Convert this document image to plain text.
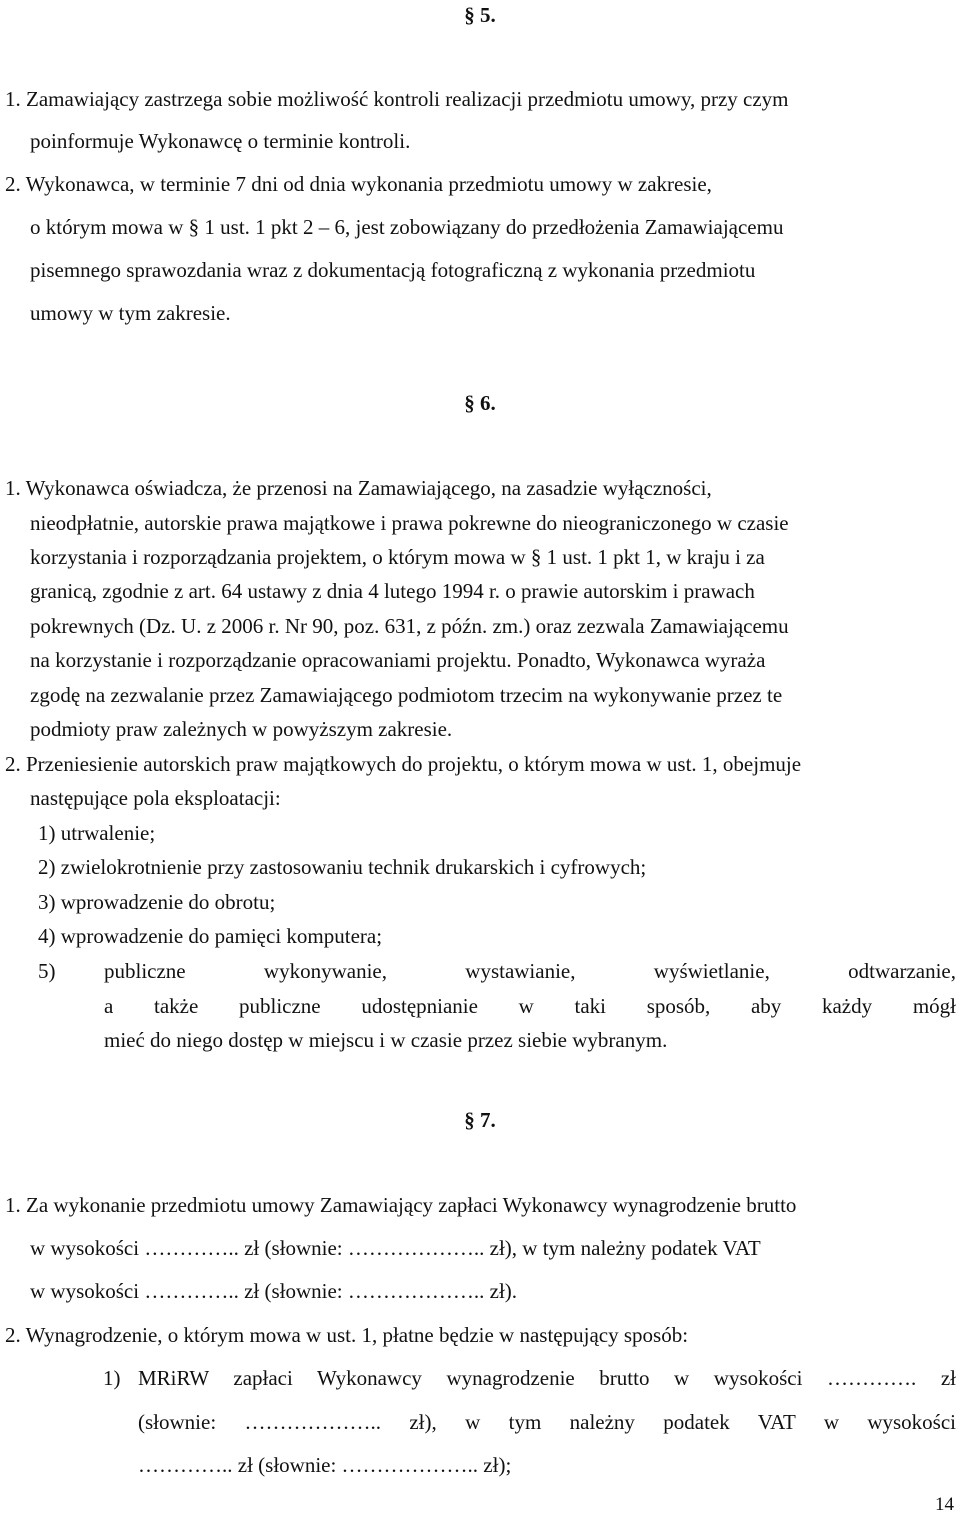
§ 5.
1. Zamawiający zastrzega sobie możliwość kontroli realizacji przedmiotu umowy, przy czym
poinformuje Wykonawcę o terminie kontroli.
2. Wykonawca, w terminie 7 dni od dnia wykonania przedmiotu umowy w zakresie,
o którym mowa w § 1 ust. 1 pkt 2 – 6, jest zobowiązany do przedłożenia Zamawiającemu
pisemnego sprawozdania wraz z dokumentacją fotograficzną z wykonania przedmiotu
umowy w tym zakresie.
§ 6.
1. Wykonawca oświadcza, że przenosi na Zamawiającego, na zasadzie wyłączności,
nieodpłatnie, autorskie prawa majątkowe i prawa pokrewne do nieograniczonego w czasie
korzystania i rozporządzania projektem, o którym mowa w § 1 ust. 1 pkt 1, w kraju i za
granicą, zgodnie z art. 64 ustawy z dnia 4 lutego 1994 r. o prawie autorskim i prawach
pokrewnych (Dz. U. z 2006 r. Nr 90, poz. 631, z późn. zm.) oraz zezwala Zamawiającemu
na korzystanie i rozporządzanie opracowaniami projektu. Ponadto, Wykonawca wyraża
zgodę na zezwalanie przez Zamawiającego podmiotom trzecim na wykonywanie przez te
podmioty praw zależnych w powyższym zakresie.
2. Przeniesienie autorskich praw majątkowych do projektu, o którym mowa w ust. 1, obejmuje
następujące pola eksploatacji:
1) utrwalenie;
2) zwielokrotnienie przy zastosowaniu technik drukarskich i cyfrowych;
3) wprowadzenie do obrotu;
4) wprowadzenie do pamięci komputera;
5) publiczne wykonywanie, wystawianie, wyświetlanie, odtwarzanie,
a także publiczne udostępnianie w taki sposób, aby każdy mógł
mieć do niego dostęp w miejscu i w czasie przez siebie wybranym.
§ 7.
1. Za wykonanie przedmiotu umowy Zamawiający zapłaci Wykonawcy wynagrodzenie brutto
w wysokości ………….. zł (słownie: ……………….. zł), w tym należny podatek VAT
w wysokości ………….. zł (słownie: ……………….. zł).
2. Wynagrodzenie, o którym mowa w ust. 1, płatne będzie w następujący sposób:
1) MRiRW zapłaci Wykonawcy wynagrodzenie brutto w wysokości …………. zł
(słownie: ……………….. zł), w tym należny podatek VAT w wysokości
………….. zł (słownie: ……………….. zł);
14
